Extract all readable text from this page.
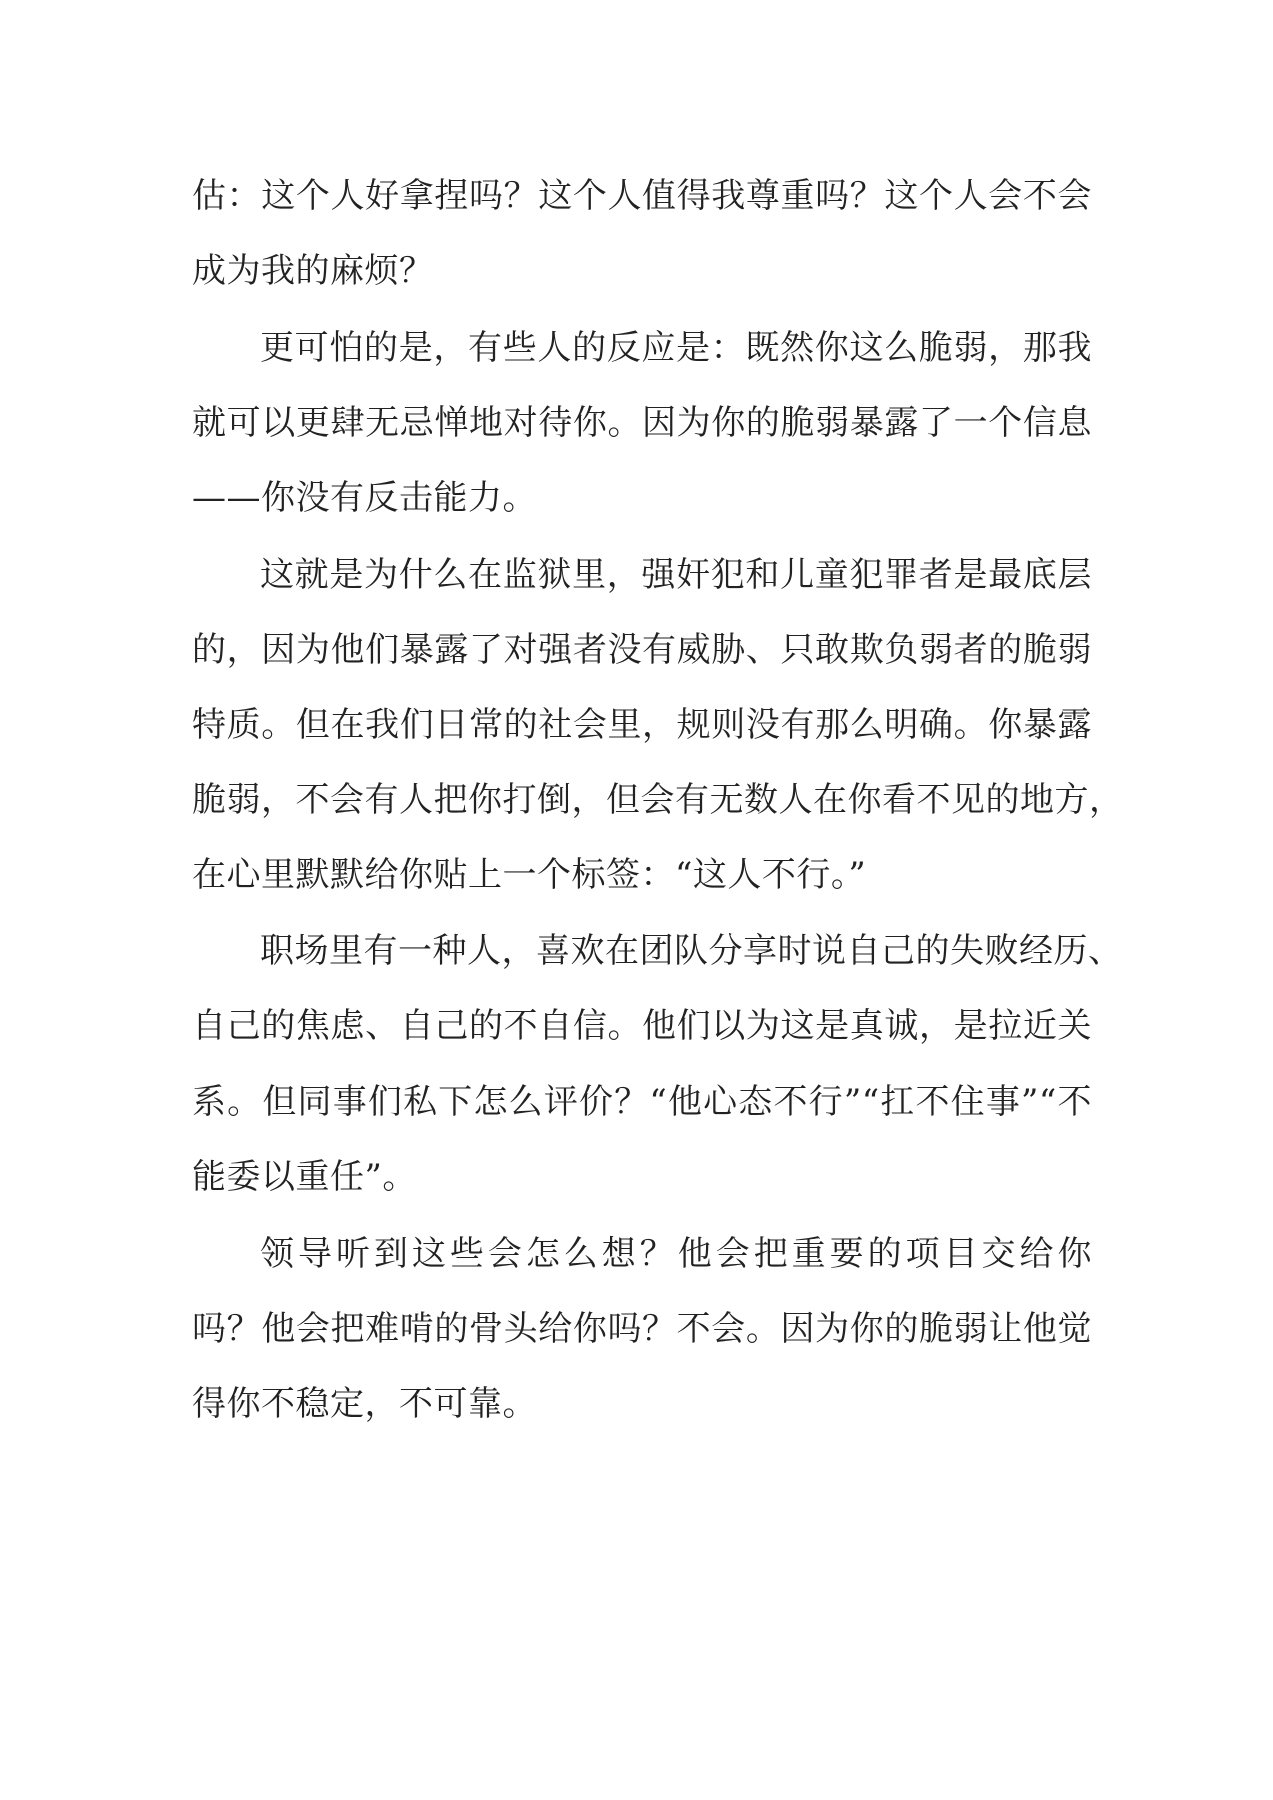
估：这个人好拿捏吗？这个人值得我尊重吗？这个人会不会
成为我的麻烦？
更可怕的是，有些人的反应是：既然你这么脆弱，那我
就可以更肆无忌惮地对待你。因为你的脆弱暴露了一个信息
——你没有反击能力。
这就是为什么在监狱里，强奸犯和儿童犯罪者是最底层
的，因为他们暴露了对强者没有威胁、只敢欺负弱者的脆弱
特质。但在我们日常的社会里，规则没有那么明确。你暴露
脆弱，不会有人把你打倒，但会有无数人在你看不见的地方，
在心里默默给你贴上一个标签：“这人不行。”
职场里有一种人，喜欢在团队分享时说自己的失败经历、
自己的焦虑、自己的不自信。他们以为这是真诚，是拉近关
系。但同事们私下怎么评价？“他心态不行”“扛不住事”“不
能委以重任”。
领导听到这些会怎么想？他会把重要的项目交给你
吗？他会把难啃的骨头给你吗？不会。因为你的脆弱让他觉
得你不稳定，不可靠。
